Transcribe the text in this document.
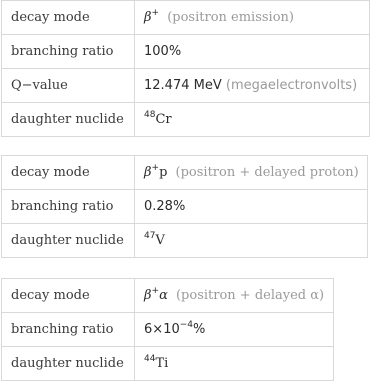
decay mode	β+ (positron emission)
branching ratio	100%
Q−value	12.474 MeV (megaelectronvolts)
daughter nuclide	$^{48}$Cr
decay mode	β+p (positron + delayed proton)
branching ratio	0.28%
daughter nuclide	$^{47}$V
decay mode	β+α (positron + delayed α)
branching ratio	$6\times 10^{-4}\%$
daughter nuclide	$^{44}$Ti
